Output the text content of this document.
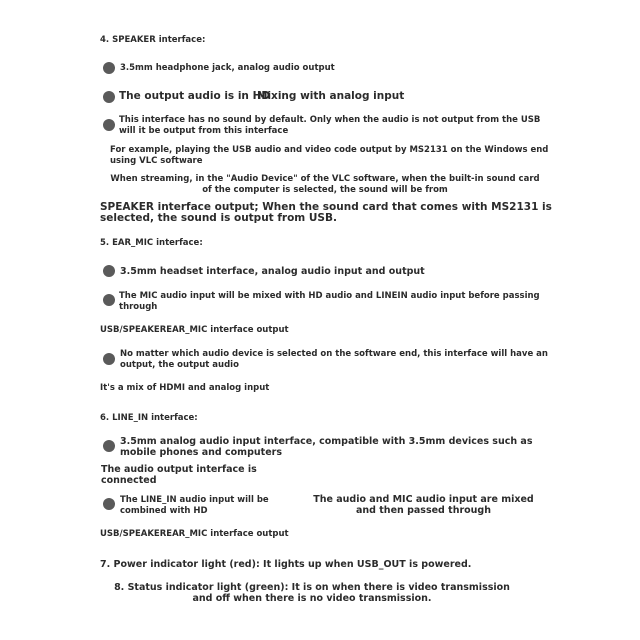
4. SPEAKER interface:
3.5mm headphone jack, analog audio output
The output audio is in HD
Mixing with analog input
This interface has no sound by default. Only when the audio is not output from the USB will it be output from this interface
For example, playing the USB audio and video code output by MS2131 on the Windows end using VLC software
When streaming, in the "Audio Device" of the VLC software, when the built-in sound card of the computer is selected, the sound will be from
SPEAKER interface output; When the sound card that comes with MS2131 is selected, the sound is output from USB.
5. EAR_MIC interface:
3.5mm headset interface, analog audio input and output
The MIC audio input will be mixed with HD audio and LINEIN audio input before passing through
USB/SPEAKEREAR_MIC interface output
No matter which audio device is selected on the software end, this interface will have an output, the output audio
It's a mix of HDMI and analog input
6. LINE_IN interface:
3.5mm analog audio input interface, compatible with 3.5mm devices such as mobile phones and computers
The audio output interface is connected
The LINE_IN audio input will be combined with HD
The audio and MIC audio input are mixed and then passed through
USB/SPEAKEREAR_MIC interface output
7. Power indicator light (red): It lights up when USB_OUT is powered.
8. Status indicator light (green): It is on when there is video transmission and off when there is no video transmission.
